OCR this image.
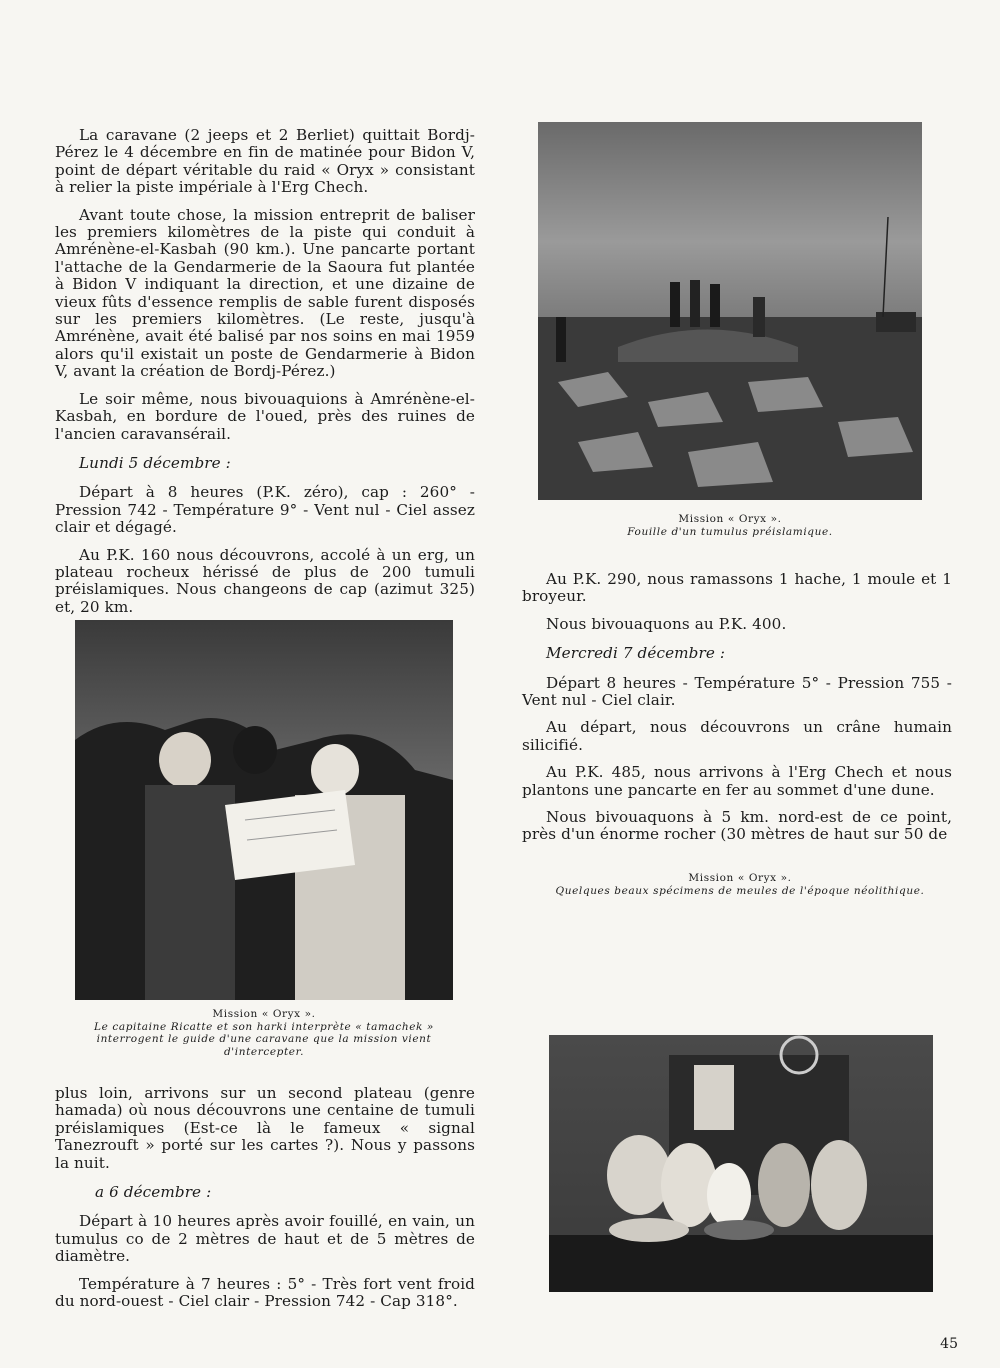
La caravane (2 jeeps et 2 Berliet) quittait Bordj-Pérez le 4 décembre en fin de matinée pour Bidon V, point de départ véritable du raid « Oryx » consistant à relier la piste impériale à l'Erg Chech.

Avant toute chose, la mission entreprit de baliser les premiers kilomètres de la piste qui conduit à Amrénène-el-Kasbah (90 km.). Une pancarte portant l'attache de la Gendarmerie de la Saoura fut plantée à Bidon V indiquant la direction, et une dizaine de vieux fûts d'essence remplis de sable furent disposés sur les premiers kilomètres. (Le reste, jusqu'à Amrénène, avait été balisé par nos soins en mai 1959 alors qu'il existait un poste de Gendarmerie à Bidon V, avant la création de Bordj-Pérez.)

Le soir même, nous bivouaquions à Amrénène-el-Kasbah, en bordure de l'oued, près des ruines de l'ancien caravansérail.

Lundi 5 décembre :

Départ à 8 heures (P.K. zéro), cap : 260° - Pression 742 - Température 9° - Vent nul - Ciel assez clair et dégagé.

Au P.K. 160 nous découvrons, accolé à un erg, un plateau rocheux hérissé de plus de 200 tumuli préislamiques. Nous changeons de cap (azimut 325) et, 20 km.

Mission « Oryx ».
Le capitaine Ricatte et son harki interprète « tamachek » interrogent le guide d'une caravane que la mission vient d'intercepter.

plus loin, arrivons sur un second plateau (genre hamada) où nous découvrons une centaine de tumuli préislamiques (Est-ce là le fameux « signal Tanezrouft » porté sur les cartes ?). Nous y passons la nuit.

a 6 décembre :

Départ à 10 heures après avoir fouillé, en vain, un tumulus co de 2 mètres de haut et de 5 mètres de diamètre.

Température à 7 heures : 5° - Très fort vent froid du nord-ouest - Ciel clair - Pression 742 - Cap 318°.

Mission « Oryx ».
Fouille d'un tumulus préislamique.

Au P.K. 290, nous ramassons 1 hache, 1 moule et 1 broyeur.

Nous bivouaquons au P.K. 400.

Mercredi 7 décembre :

Départ 8 heures - Température 5° - Pression 755 - Vent nul - Ciel clair.

Au départ, nous découvrons un crâne humain silicifié.

Au P.K. 485, nous arrivons à l'Erg Chech et nous plantons une pancarte en fer au sommet d'une dune.

Nous bivouaquons à 5 km. nord-est de ce point, près d'un énorme rocher (30 mètres de haut sur 50 de

Mission « Oryx ».
Quelques beaux spécimens de meules de l'époque néolithique.
45
